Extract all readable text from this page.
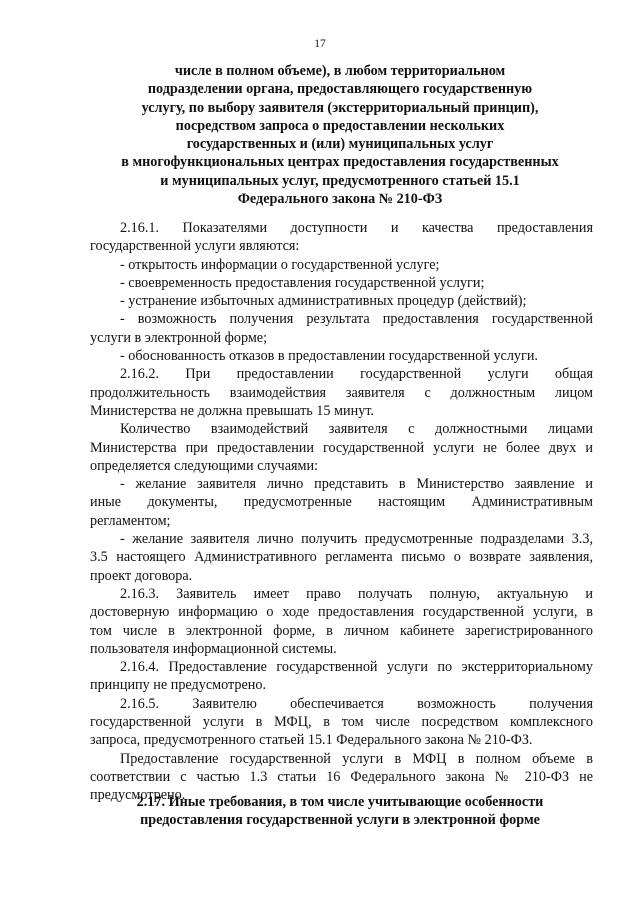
17
числе в полном объеме), в любом территориальном
подразделении органа, предоставляющего государственную
услугу, по выбору заявителя (экстерриториальный принцип),
посредством запроса о предоставлении нескольких
государственных и (или) муниципальных услуг
в многофункциональных центрах предоставления государственных
и муниципальных услуг, предусмотренного статьей 15.1
Федерального закона № 210-ФЗ
2.16.1. Показателями доступности и качества предоставления
государственной услуги являются:
- открытость информации о государственной услуге;
- своевременность предоставления государственной услуги;
- устранение избыточных административных процедур (действий);
- возможность получения результата предоставления государственной
услуги в электронной форме;
- обоснованность отказов в предоставлении государственной услуги.
2.16.2. При предоставлении государственной услуги общая
продолжительность взаимодействия заявителя с должностным лицом
Министерства не должна превышать 15 минут.
Количество взаимодействий заявителя с должностными лицами
Министерства при предоставлении государственной услуги не более двух и
определяется следующими случаями:
- желание заявителя лично представить в Министерство заявление и
иные документы, предусмотренные настоящим Административным
регламентом;
- желание заявителя лично получить предусмотренные подразделами 3.3,
3.5 настоящего Административного регламента письмо о возврате заявления,
проект договора.
2.16.3. Заявитель имеет право получать полную, актуальную и
достоверную информацию о ходе предоставления государственной услуги, в
том числе в электронной форме, в личном кабинете зарегистрированного
пользователя информационной системы.
2.16.4. Предоставление государственной услуги по экстерриториальному
принципу не предусмотрено.
2.16.5. Заявителю обеспечивается возможность получения
государственной услуги в МФЦ, в том числе посредством комплексного
запроса, предусмотренного статьей 15.1 Федерального закона № 210-ФЗ.
Предоставление государственной услуги в МФЦ в полном объеме в
соответствии с частью 1.3 статьи 16 Федерального закона № 210-ФЗ не
предусмотрено.
2.17. Иные требования, в том числе учитывающие особенности
предоставления государственной услуги в электронной форме
